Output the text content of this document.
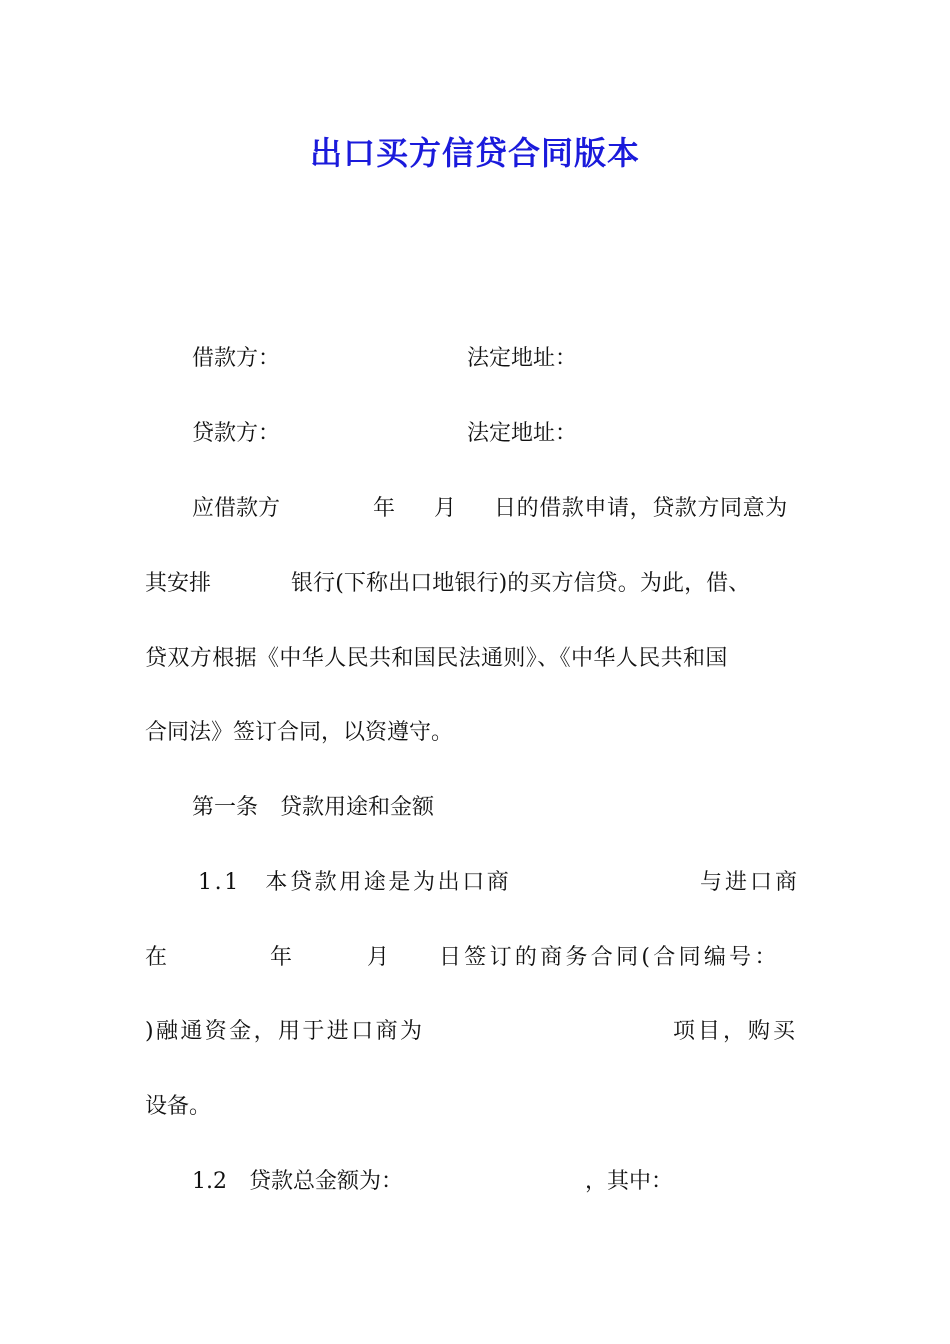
出口买方信贷合同版本
借款方：	法定地址：
贷款方：	法定地址：
应借款方	年 月 日的借款申请，贷款方同意为
其安排	银行(下称出口地银行)的买方信贷。为此，借、
贷双方根据《中华人民共和国民法通则》、《中华人民共和国
合同法》签订合同，以资遵守。
第一条　贷款用途和金额
1.1　本贷款用途是为出口商	与进口商
在	年	月 日签订的商务合同(合同编号：
)融通资金，用于进口商为	项目，购买
设备。
1.2　贷款总金额为：	，其中：
